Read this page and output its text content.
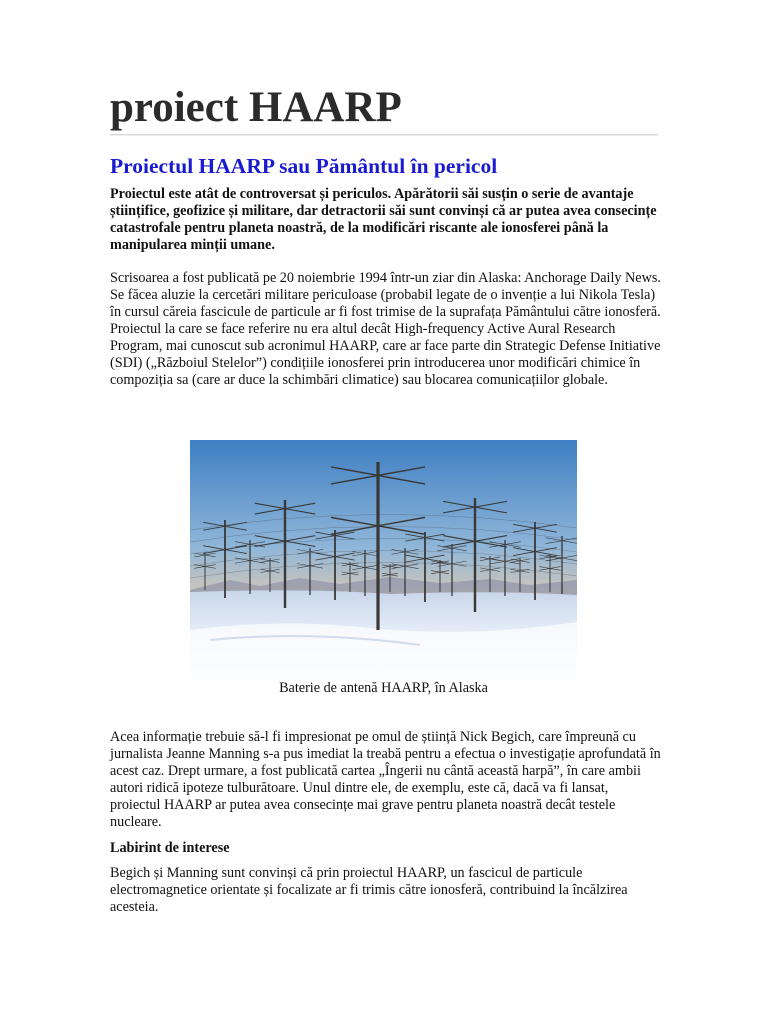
proiect HAARP
Proiectul HAARP sau Pământul în pericol

Proiectul este atât de controversat și periculos. Apărătorii săi susțin o serie de avantaje științifice, geofizice și militare, dar detractorii săi sunt convinși că ar putea avea consecințe catastrofale pentru planeta noastră, de la modificări riscante ale ionosferei până la manipularea minții umane.

Scrisoarea a fost publicată pe 20 noiembrie 1994 într-un ziar din Alaska: Anchorage Daily News. Se făcea aluzie la cercetări militare periculoase (probabil legate de o invenție a lui Nikola Tesla) în cursul căreia fascicule de particule ar fi fost trimise de la suprafața Pământului către ionosferă. Proiectul la care se face referire nu era altul decât High-frequency Active Aural Research Program, mai cunoscut sub acronimul HAARP, care ar face parte din Strategic Defense Initiative (SDI) („Războiul Stelelor”) condițiile ionosferei prin introducerea unor modificări chimice în compoziția sa (care ar duce la schimbări climatice) sau blocarea comunicațiilor globale.

Acea informație trebuie să-l fi impresionat pe omul de știință Nick Begich, care împreună cu jurnalista Jeanne Manning s-a pus imediat la treabă pentru a efectua o investigație aprofundată în acest caz. Drept urmare, a fost publicată cartea „Îngerii nu cântă această harpă”, în care ambii autori ridică ipoteze tulburătoare. Unul dintre ele, de exemplu, este că, dacă va fi lansat, proiectul HAARP ar putea avea consecințe mai grave pentru planeta noastră decât testele nucleare.

Labirint de interese

Begich și Manning sunt convinși că prin proiectul HAARP, un fascicul de particule electromagnetice orientate și focalizate ar fi trimis către ionosferă, contribuind la încălzirea acesteia.

Baterie de antenă HAARP, în Alaska
